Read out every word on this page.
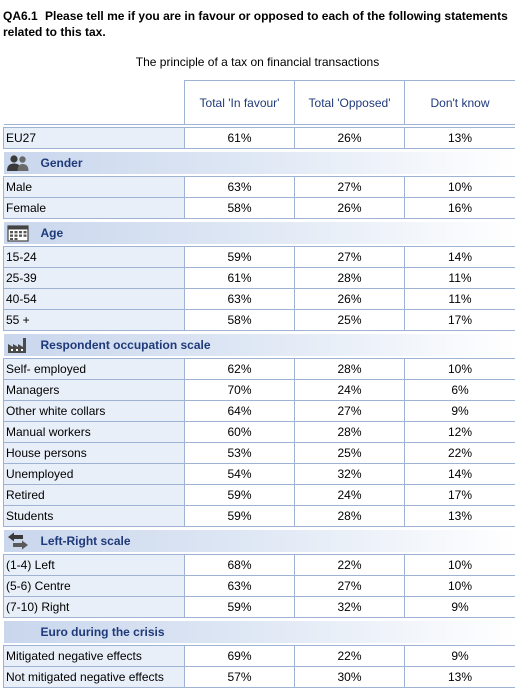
QA6.1 Please tell me if you are in favour or opposed to each of the following statements related to this tax.
The principle of a tax on financial transactions
	Total 'In favour'	Total 'Opposed'	Don't know

EU27	61%	26%	13%

Gender			

Male	63%	27%	10%
Female	58%	26%	16%

Age			

15-24	59%	27%	14%
25-39	61%	28%	11%
40-54	63%	26%	11%
55 +	58%	25%	17%

Respondent occupation scale			

Self- employed	62%	28%	10%
Managers	70%	24%	6%
Other white collars	64%	27%	9%
Manual workers	60%	28%	12%
House persons	53%	25%	22%
Unemployed	54%	32%	14%
Retired	59%	24%	17%
Students	59%	28%	13%

Left-Right scale			

(1-4) Left	68%	22%	10%
(5-6) Centre	63%	27%	10%
(7-10) Right	59%	32%	9%

Euro during the crisis			

Mitigated negative effects	69%	22%	9%
Not mitigated negative effects	57%	30%	13%
